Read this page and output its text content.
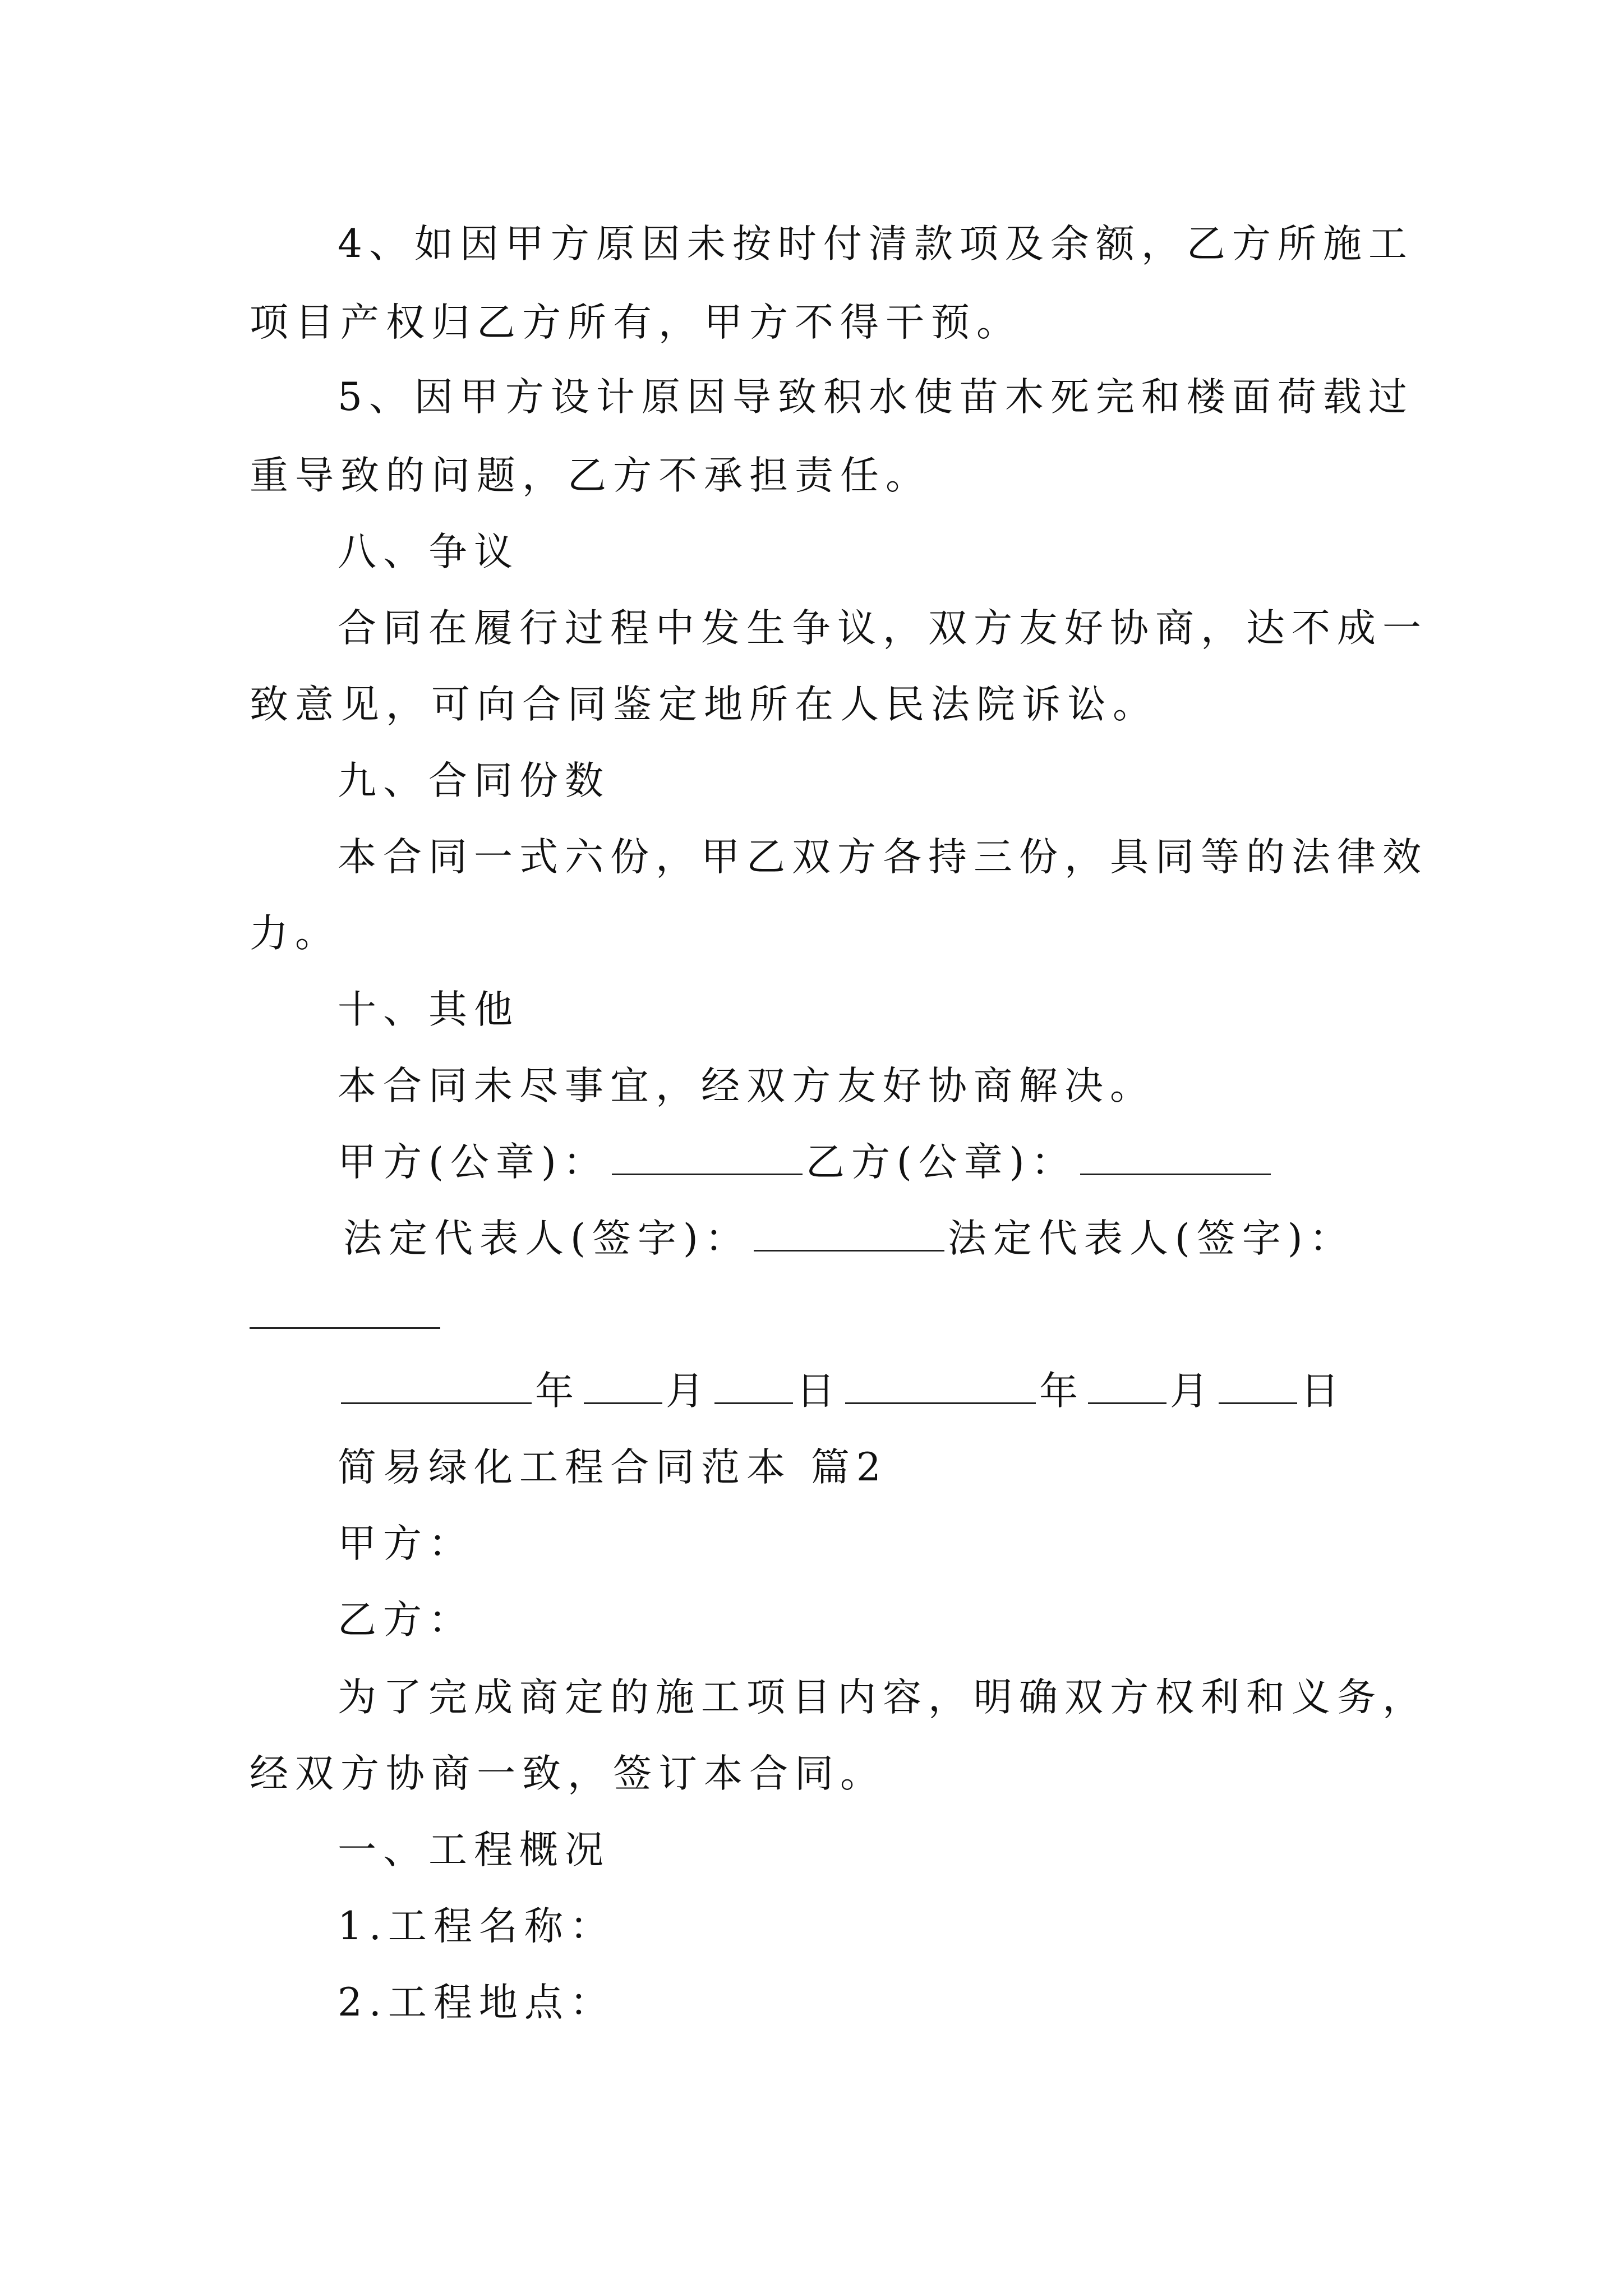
4、如因甲方原因未按时付清款项及余额，乙方所施工
项目产权归乙方所有，甲方不得干预。
5、因甲方设计原因导致积水使苗木死完和楼面荷载过
重导致的问题，乙方不承担责任。
八、争议
合同在履行过程中发生争议，双方友好协商，达不成一
致意见，可向合同鉴定地所在人民法院诉讼。
九、合同份数
本合同一式六份，甲乙双方各持三份，具同等的法律效
力。
十、其他
本合同未尽事宜，经双方友好协商解决。
甲方(公章)：	乙方(公章)：
法定代表人(签字)：	法定代表人(签字)：
年 月 日	年 月 日
简易绿化工程合同范本 篇2
甲方：
乙方：
为了完成商定的施工项目内容，明确双方权利和义务，
经双方协商一致，签订本合同。
一、工程概况
1.工程名称：
2.工程地点：
